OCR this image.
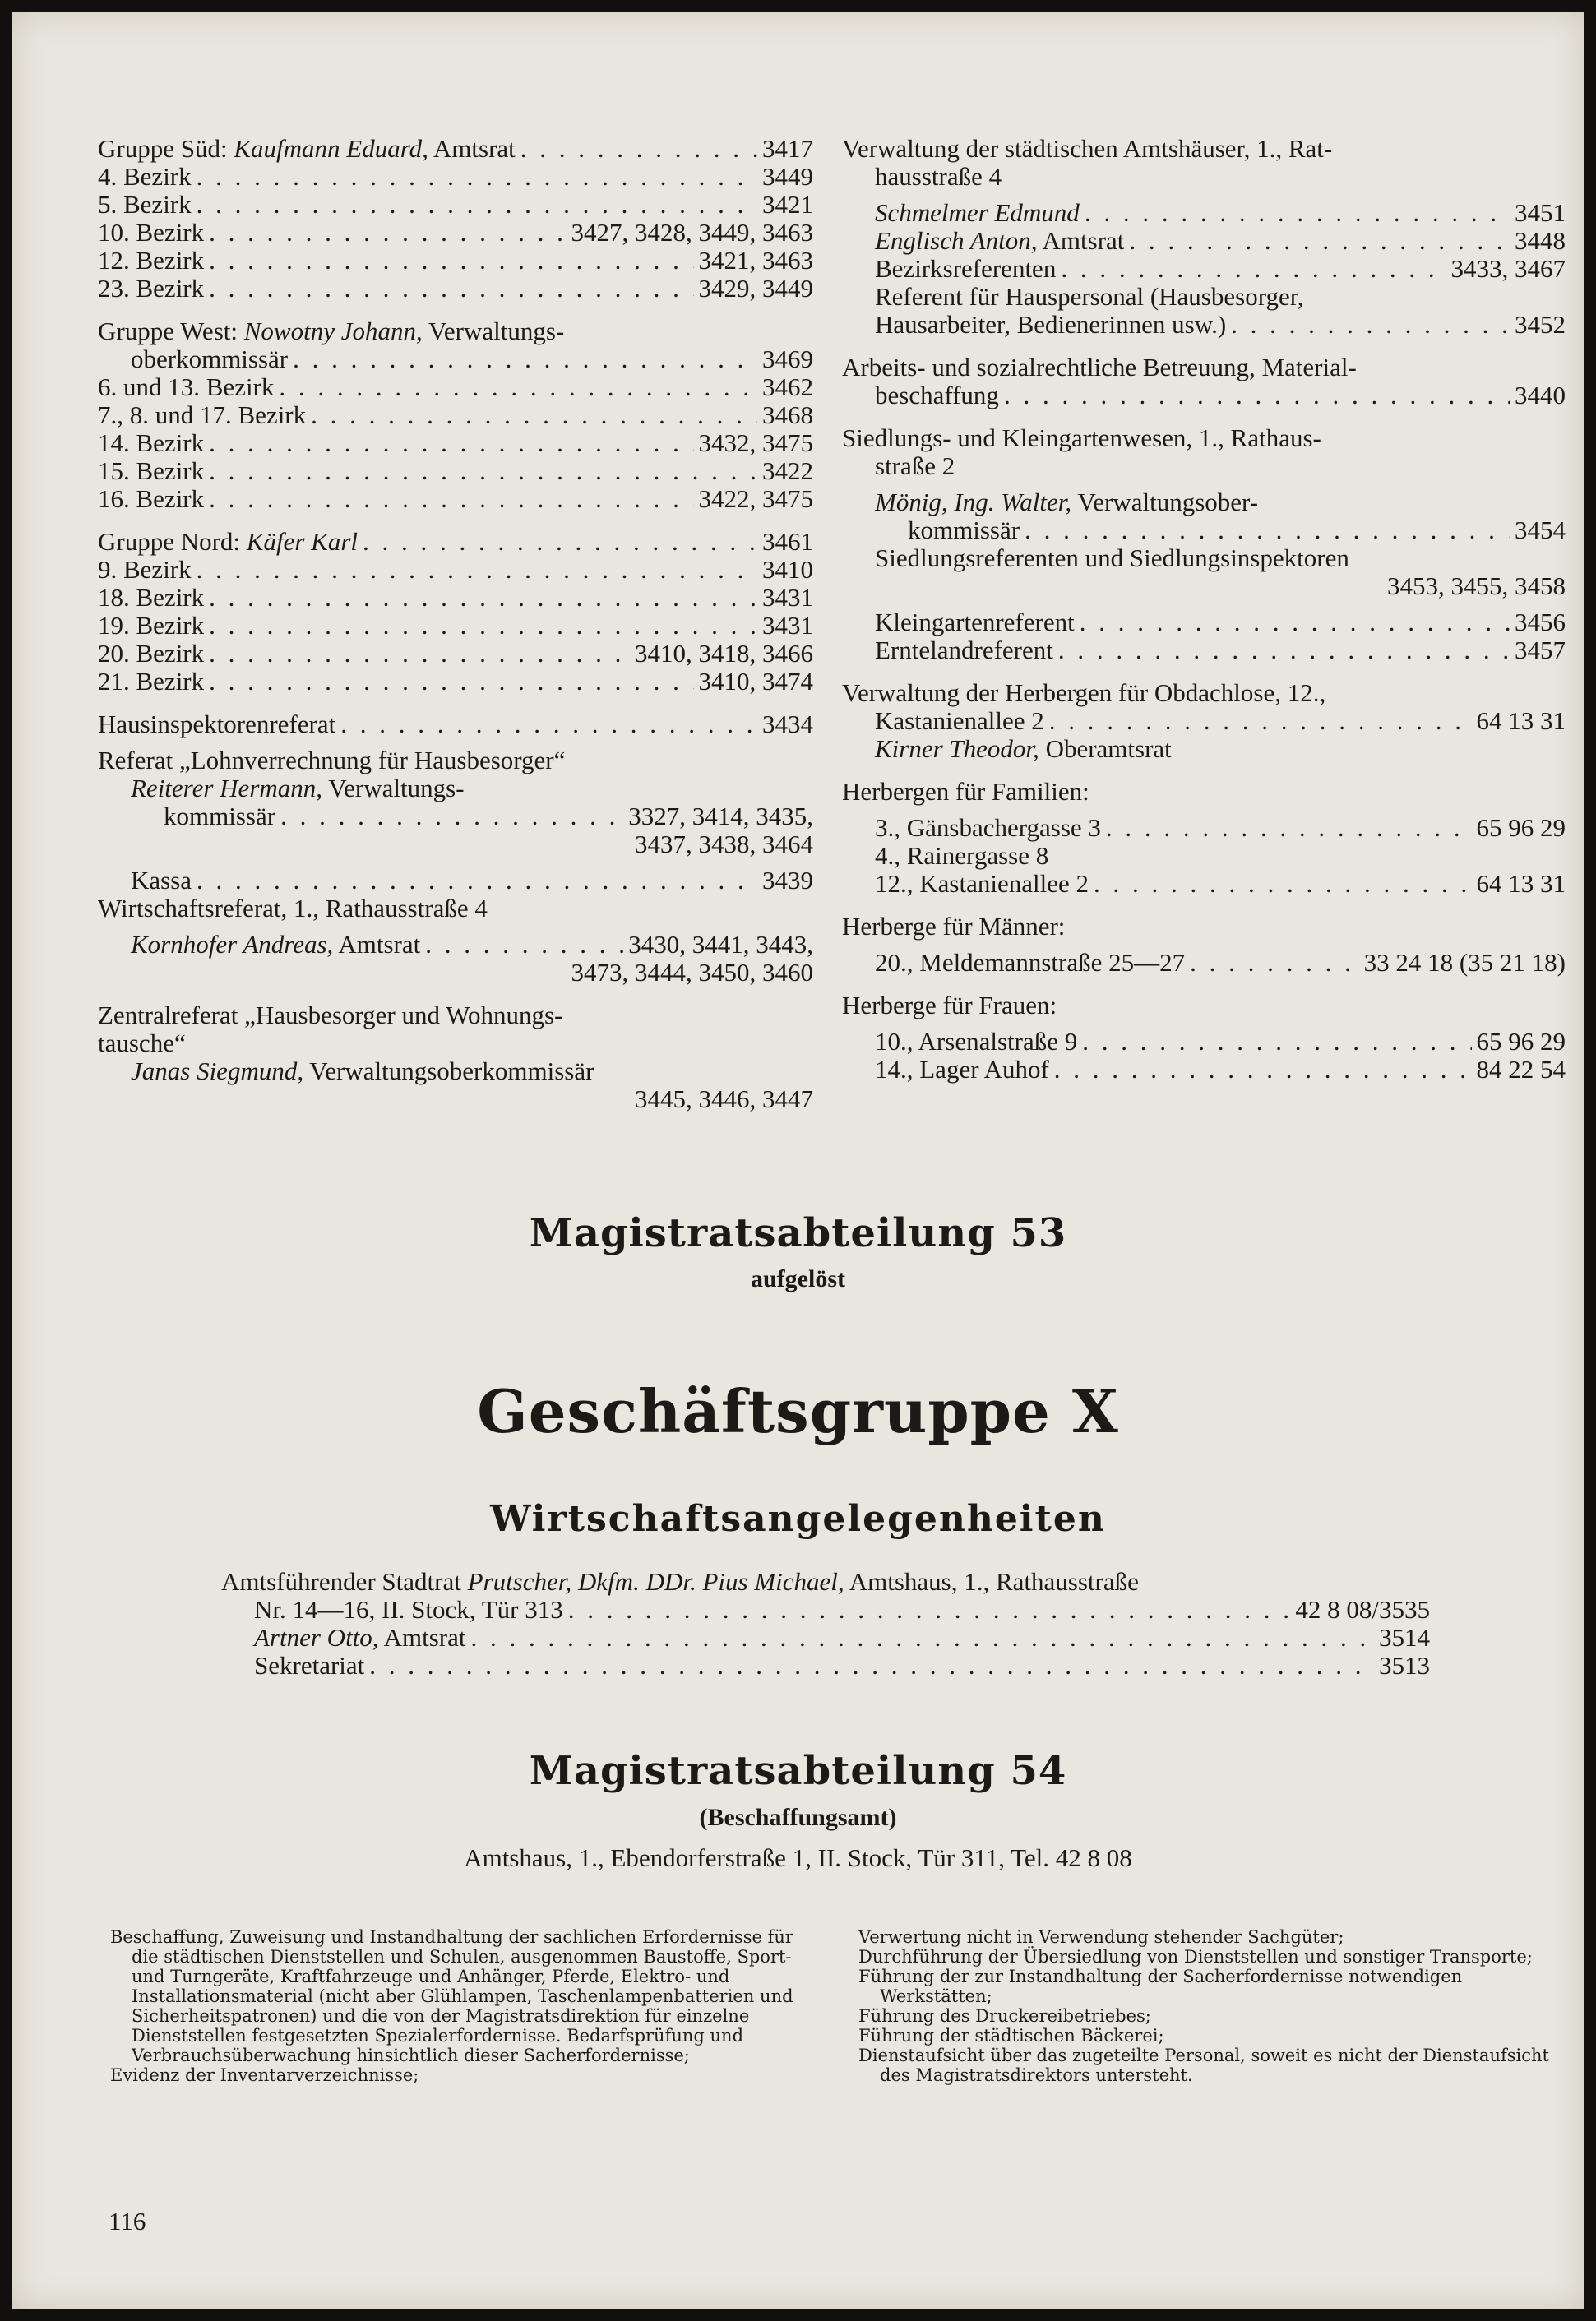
Gruppe Süd: Kaufmann Eduard, Amtsrat . . .	3417
4. Bezirk . . .	3449
5. Bezirk . . .	3421
10. Bezirk . . .	3427, 3428, 3449, 3463
12. Bezirk . . .	3421, 3463
23. Bezirk . . .	3429, 3449
Gruppe West: Nowotny Johann, Verwaltungs-
oberkommissär . . .	3469
6. und 13. Bezirk . . .	3462
7., 8. und 17. Bezirk . . .	3468
14. Bezirk . . .	3432, 3475
15. Bezirk . . .	3422
16. Bezirk . . .	3422, 3475
Gruppe Nord: Käfer Karl . . .	3461
9. Bezirk . . .	3410
18. Bezirk . . .	3431
19. Bezirk . . .	3431
20. Bezirk . . .	3410, 3418, 3466
21. Bezirk . . .	3410, 3474
Hausinspektorenreferat . . .	3434
Referat „Lohnverrechnung für Hausbesorger“
Reiterer Hermann, Verwaltungs-
kommissär . . .	3327, 3414, 3435,
3437, 3438, 3464
Kassa . . .	3439
Wirtschaftsreferat, 1., Rathausstraße 4
Kornhofer Andreas, Amtsrat . . .	3430, 3441, 3443,
3473, 3444, 3450, 3460
Zentralreferat „Hausbesorger und Wohnungs-
tausche“
Janas Siegmund, Verwaltungsoberkommissär
3445, 3446, 3447
Verwaltung der städtischen Amtshäuser, 1., Rat-
hausstraße 4
Schmelmer Edmund . . .	3451
Englisch Anton, Amtsrat . . .	3448
Bezirksreferenten . . .	3433, 3467
Referent für Hauspersonal (Hausbesorger,
Hausarbeiter, Bedienerinnen usw.) . . .	3452
Arbeits- und sozialrechtliche Betreuung, Material-
beschaffung . . .	3440
Siedlungs- und Kleingartenwesen, 1., Rathaus-
straße 2
Mönig, Ing. Walter, Verwaltungsober-
kommissär . . .	3454
Siedlungsreferenten und Siedlungsinspektoren
3453, 3455, 3458
Kleingartenreferent . . .	3456
Erntelandreferent . . .	3457
Verwaltung der Herbergen für Obdachlose, 12.,
Kastanienallee 2 . . .	64 13 31
Kirner Theodor, Oberamtsrat
Herbergen für Familien:
3., Gänsbachergasse 3 . . .	65 96 29
4., Rainergasse 8
12., Kastanienallee 2 . . .	64 13 31
Herberge für Männer:
20., Meldemannstraße 25—27 . . .	33 24 18 (35 21 18)
Herberge für Frauen:
10., Arsenalstraße 9 . . .	65 96 29
14., Lager Auhof . . .	84 22 54
Magistratsabteilung 53
aufgelöst
Geschäftsgruppe X
Wirtschaftsangelegenheiten
Amtsführender Stadtrat Prutscher, Dkfm. DDr. Pius Michael, Amtshaus, 1., Rathausstraße
Nr. 14—16, II. Stock, Tür 313 . . .	42 8 08/3535
Artner Otto, Amtsrat . . .	3514
Sekretariat . . .	3513
Magistratsabteilung 54
(Beschaffungsamt)
Amtshaus, 1., Ebendorferstraße 1, II. Stock, Tür 311, Tel. 42 8 08
Beschaffung, Zuweisung und Instandhaltung der sachlichen Erfordernisse für die städtischen Dienststellen und Schulen, ausgenommen Baustoffe, Sport- und Turngeräte, Kraftfahrzeuge und Anhänger, Pferde, Elektro- und Installationsmaterial (nicht aber Glühlampen, Taschenlampenbatterien und Sicherheitspatronen) und die von der Magistratsdirektion für einzelne Dienststellen festgesetzten Spezialerfordernisse. Bedarfsprüfung und Verbrauchsüberwachung hinsichtlich dieser Sacherfordernisse;
Evidenz der Inventarverzeichnisse;
Verwertung nicht in Verwendung stehender Sachgüter;
Durchführung der Übersiedlung von Dienststellen und sonstiger Transporte;
Führung der zur Instandhaltung der Sacherfordernisse notwendigen Werkstätten;
Führung des Druckereibetriebes;
Führung der städtischen Bäckerei;
Dienstaufsicht über das zugeteilte Personal, soweit es nicht der Dienstaufsicht des Magistratsdirektors untersteht.
116
